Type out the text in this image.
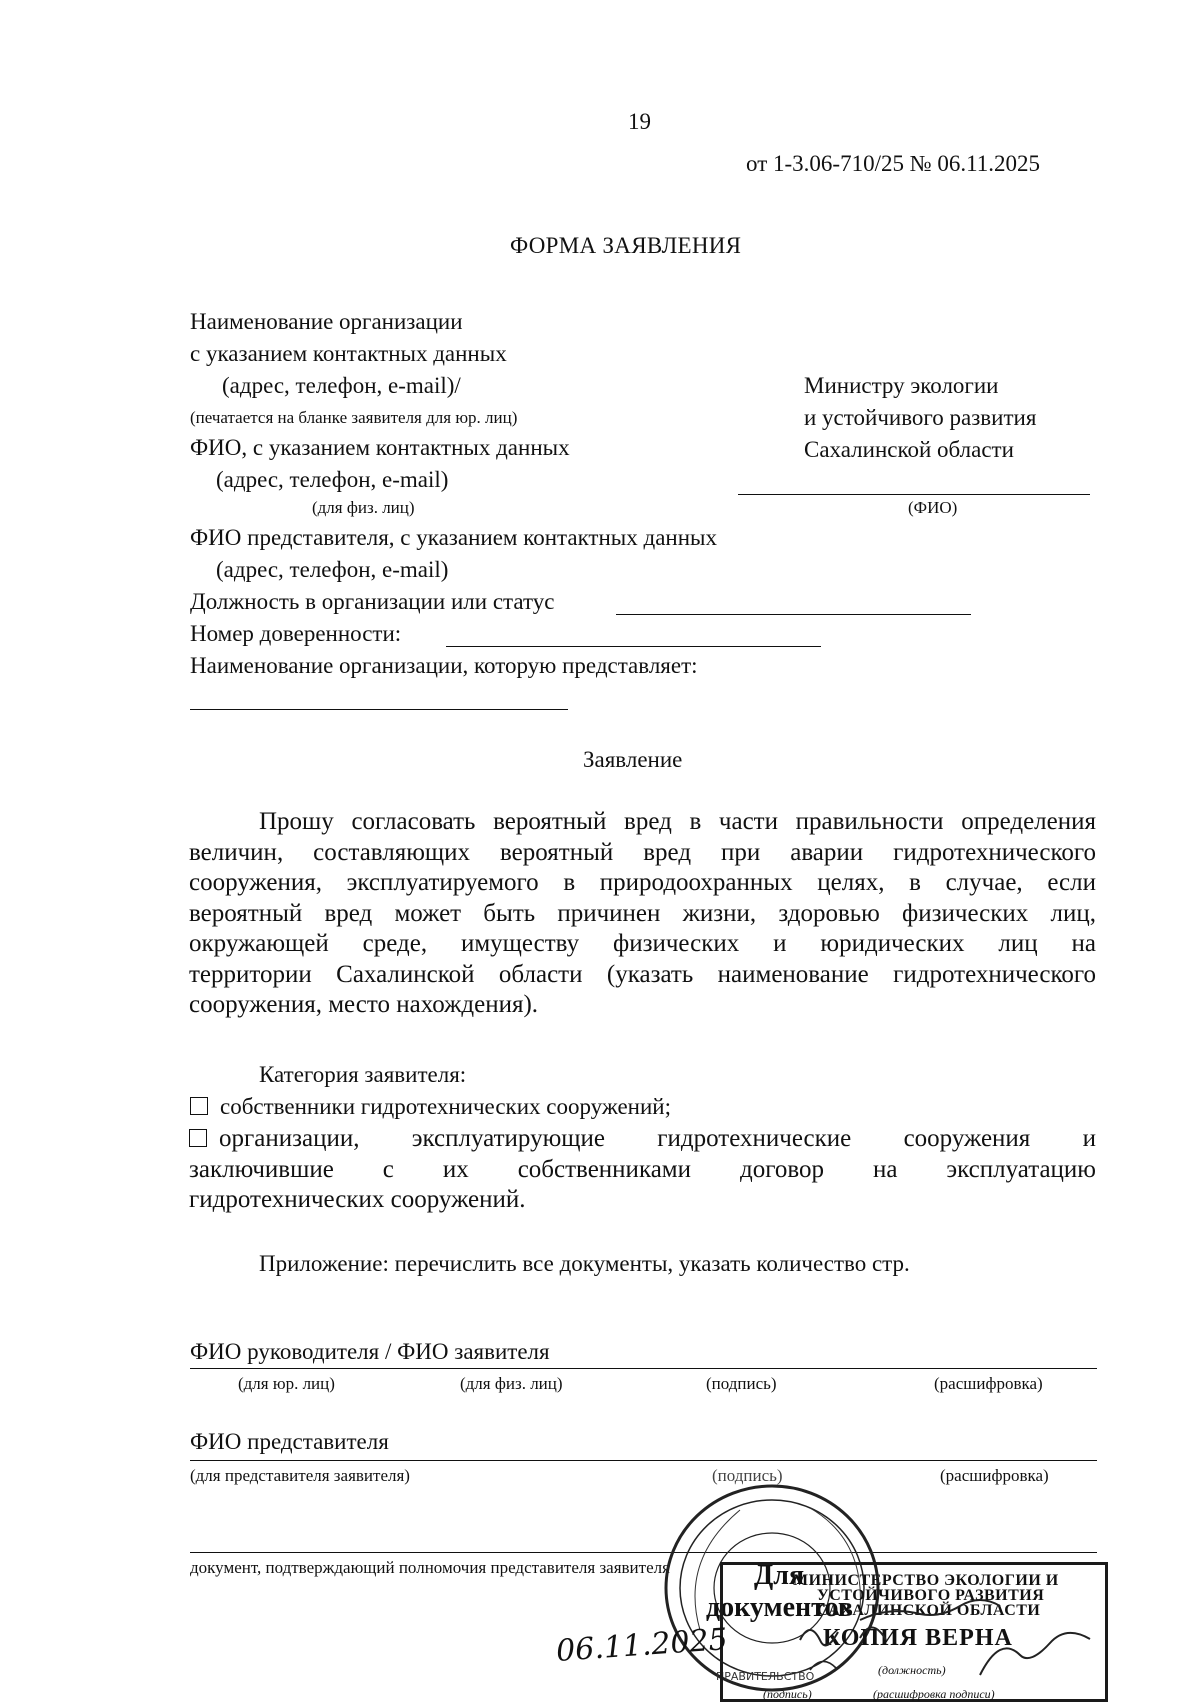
19
от 1-3.06-710/25 № 06.11.2025
ФОРМА ЗАЯВЛЕНИЯ
Наименование организации
с указанием контактных данных
(адрес, телефон, e-mail)/
(печатается на бланке заявителя для юр. лиц)
ФИО, с указанием контактных данных
(адрес, телефон, e-mail)
(для физ. лиц)
ФИО представителя, с указанием контактных данных
(адрес, телефон, e-mail)
Должность в организации или статус
Номер доверенности:
Наименование организации, которую представляет:
Министру экологии
и устойчивого развития
Сахалинской области
(ФИО)
Заявление
Прошу согласовать вероятный вред в части правильности определения
величин, составляющих вероятный вред при аварии гидротехнического
сооружения, эксплуатируемого в природоохранных целях, в случае, если
вероятный вред может быть причинен жизни, здоровью физических лиц,
окружающей среде, имуществу физических и юридических лиц на
территории Сахалинской области (указать наименование гидротехнического
сооружения, место нахождения).
Категория заявителя:
собственники гидротехнических сооружений;
организации, эксплуатирующие гидротехнические сооружения и
заключившие с их собственниками договор на эксплуатацию
гидротехнических сооружений.
Приложение: перечислить все документы, указать количество стр.
ФИО руководителя / ФИО заявителя
(для юр. лиц)	(для физ. лиц)	(подпись)	(расшифровка)
ФИО представителя
(для представителя заявителя)	(подпись)	(расшифровка)
документ, подтверждающий полномочия представителя заявителя
ПРАВИТЕЛЬСТВО
Для
документов
МИНИСТЕРСТВО ЭКОЛОГИИ И
УСТОЙЧИВОГО РАЗВИТИЯ
САХАЛИНСКОЙ ОБЛАСТИ
КОПИЯ ВЕРНА
(должность)
(подпись)	(расшифровка подписи)
06.11.2025
